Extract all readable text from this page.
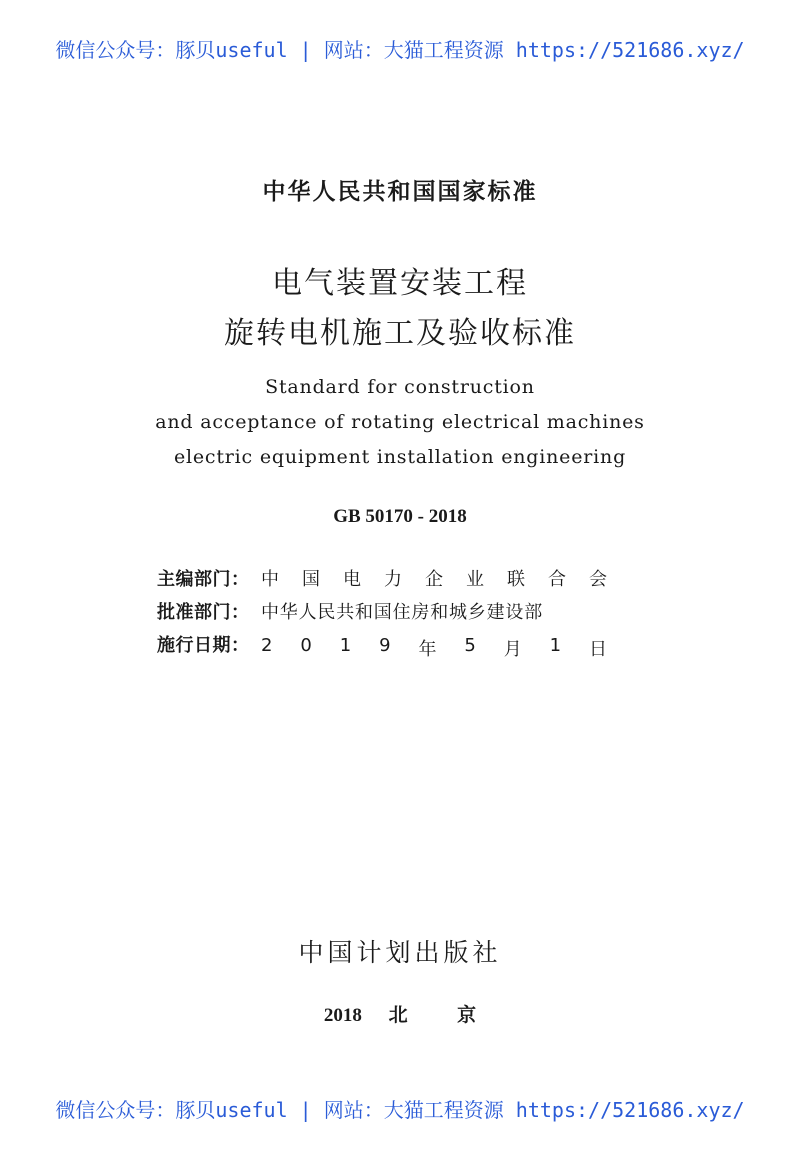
微信公众号：豚贝useful | 网站：大猫工程资源 https://521686.xyz/
中华人民共和国国家标准
电气装置安装工程
旋转电机施工及验收标准
Standard for construction
and acceptance of rotating electrical machines
electric equipment installation engineering
GB 50170 - 2018
主编部门： 中 国 电 力 企 业 联 合 会
批准部门： 中华人民共和国住房和城乡建设部
施行日期： 2 0 1 9 年 5 月 1 日
中国计划出版社
2018 北	京
微信公众号：豚贝useful | 网站：大猫工程资源 https://521686.xyz/
